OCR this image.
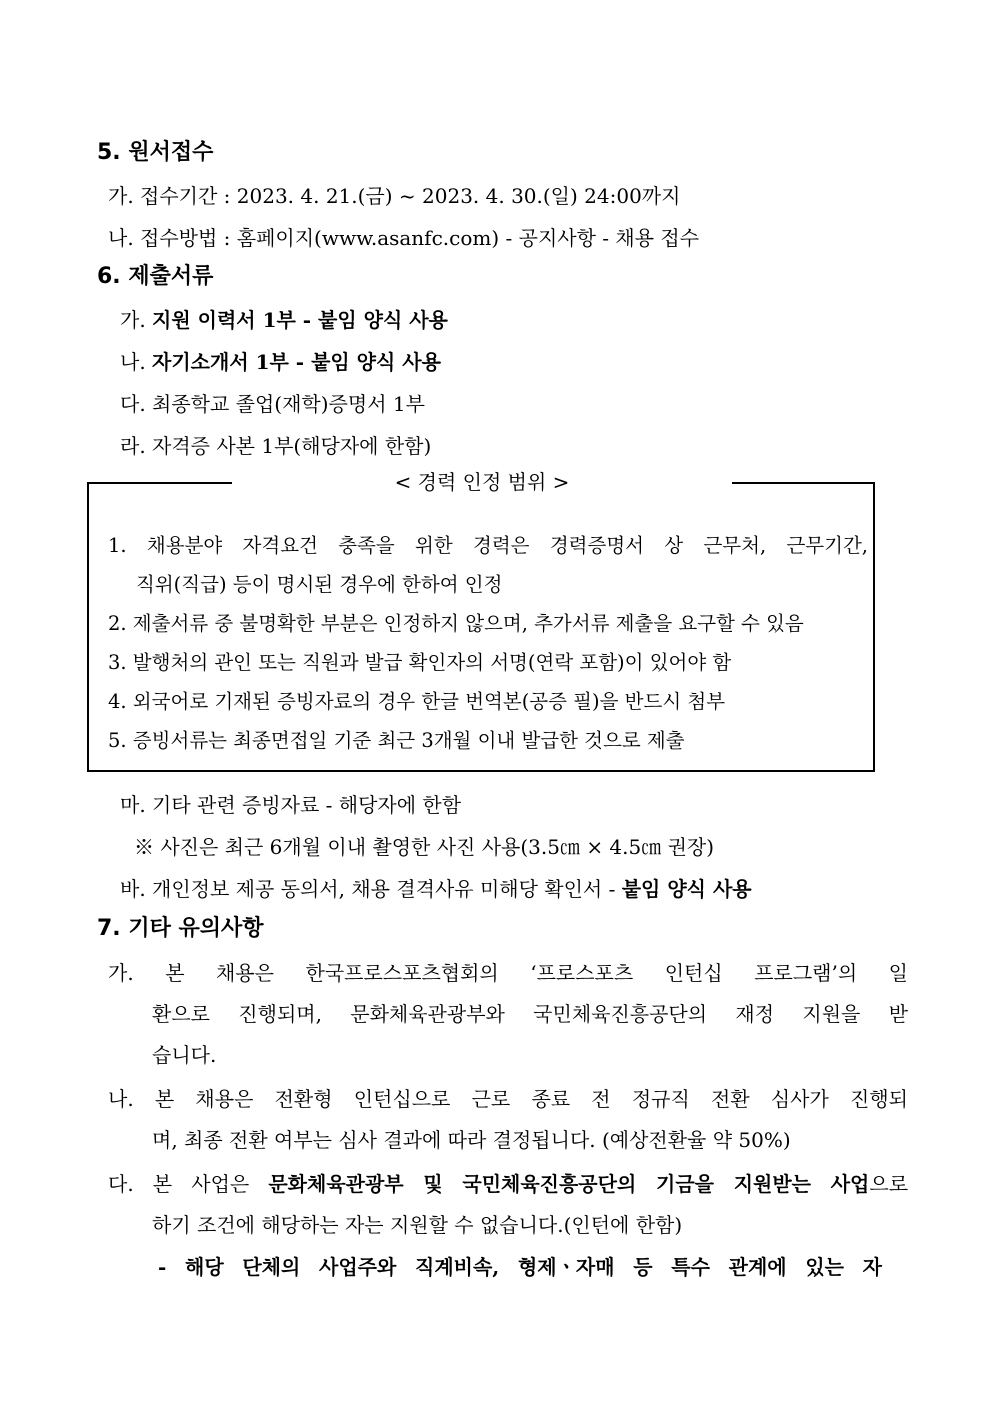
5. 원서접수
가. 접수기간 : 2023. 4. 21.(금) ~ 2023. 4. 30.(일) 24:00까지
나. 접수방법 : 홈페이지(www.asanfc.com) - 공지사항 - 채용 접수
6. 제출서류
가. 지원 이력서 1부 - 붙임 양식 사용
나. 자기소개서 1부 - 붙임 양식 사용
다. 최종학교 졸업(재학)증명서 1부
라. 자격증 사본 1부(해당자에 한함)
< 경력 인정 범위 >
1. 채용분야 자격요건 충족을 위한 경력은 경력증명서 상 근무처, 근무기간,
직위(직급) 등이 명시된 경우에 한하여 인정
2. 제출서류 중 불명확한 부분은 인정하지 않으며, 추가서류 제출을 요구할 수 있음
3. 발행처의 관인 또는 직원과 발급 확인자의 서명(연락 포함)이 있어야 함
4. 외국어로 기재된 증빙자료의 경우 한글 번역본(공증 필)을 반드시 첨부
5. 증빙서류는 최종면접일 기준 최근 3개월 이내 발급한 것으로 제출
마. 기타 관련 증빙자료 - 해당자에 한함
※ 사진은 최근 6개월 이내 촬영한 사진 사용(3.5㎝ × 4.5㎝ 권장)
바. 개인정보 제공 동의서, 채용 결격사유 미해당 확인서 - 붙임 양식 사용
7. 기타 유의사항
가. 본 채용은 한국프로스포츠협회의 ‘프로스포츠 인턴십 프로그램’의 일
환으로 진행되며, 문화체육관광부와 국민체육진흥공단의 재정 지원을 받
습니다.
나. 본 채용은 전환형 인턴십으로 근로 종료 전 정규직 전환 심사가 진행되
며, 최종 전환 여부는 심사 결과에 따라 결정됩니다. (예상전환율 약 50%)
다. 본 사업은 문화체육관광부 및 국민체육진흥공단의 기금을 지원받는 사업으로
하기 조건에 해당하는 자는 지원할 수 없습니다.(인턴에 한함)
- 해당 단체의 사업주와 직계비속, 형제ㆍ자매 등 특수 관계에 있는 자
